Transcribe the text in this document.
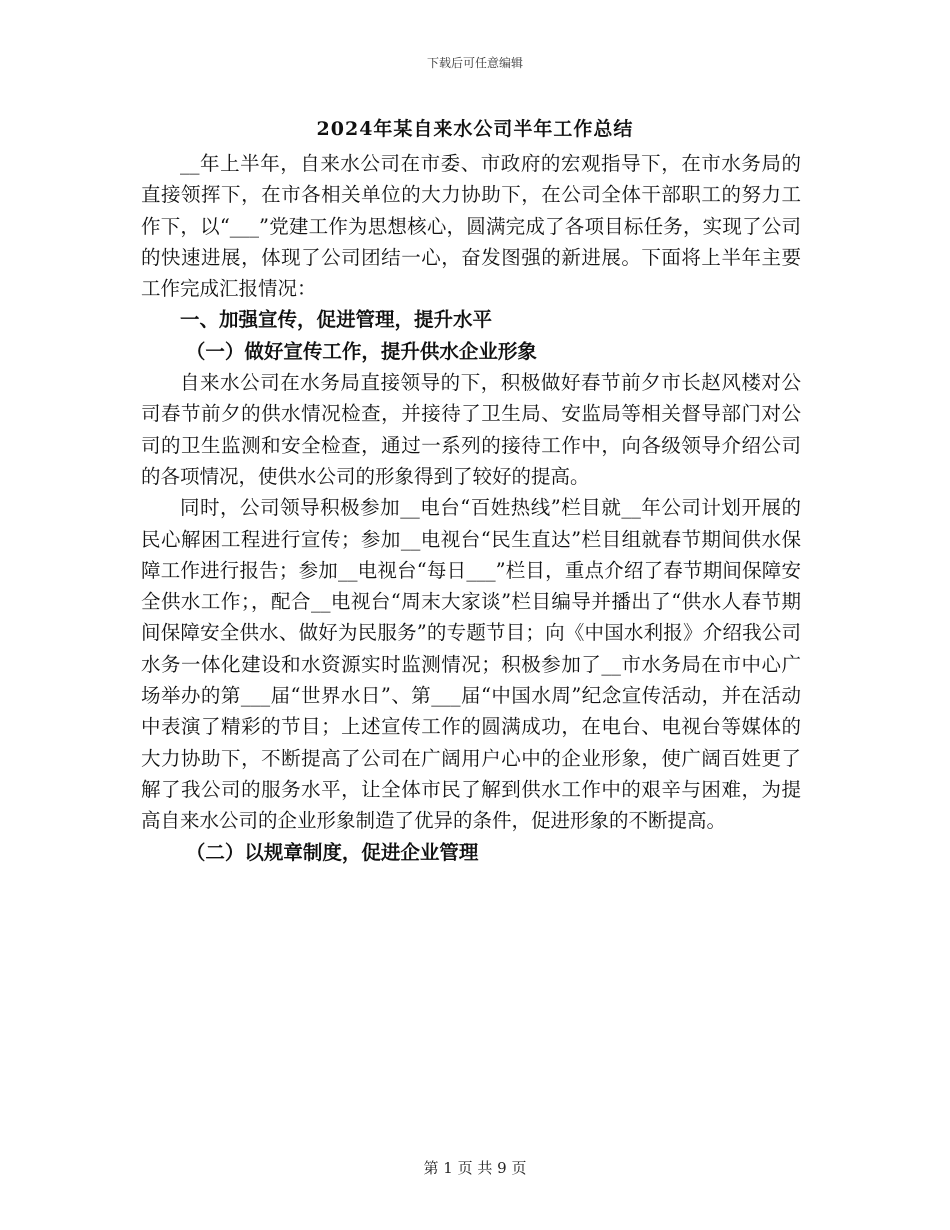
下载后可任意编辑
2024年某自来水公司半年工作总结

__年上半年，自来水公司在市委、市政府的宏观指导下，在市水务局的直接领挥下，在市各相关单位的大力协助下，在公司全体干部职工的努力工作下，以“___”党建工作为思想核心，圆满完成了各项目标任务，实现了公司的快速进展，体现了公司团结一心，奋发图强的新进展。下面将上半年主要工作完成汇报情况：

一、加强宣传，促进管理，提升水平
（一）做好宣传工作，提升供水企业形象

自来水公司在水务局直接领导的下，积极做好春节前夕市长赵风楼对公司春节前夕的供水情况检查，并接待了卫生局、安监局等相关督导部门对公司的卫生监测和安全检查，通过一系列的接待工作中，向各级领导介绍公司的各项情况，使供水公司的形象得到了较好的提高。

同时，公司领导积极参加__电台“百姓热线”栏目就__年公司计划开展的民心解困工程进行宣传；参加__电视台“民生直达”栏目组就春节期间供水保障工作进行报告；参加__电视台“每日___”栏目，重点介绍了春节期间保障安全供水工作；，配合__电视台“周末大家谈”栏目编导并播出了“供水人春节期间保障安全供水、做好为民服务”的专题节目；向《中国水利报》介绍我公司水务一体化建设和水资源实时监测情况；积极参加了__市水务局在市中心广场举办的第___届“世界水日”、第___届“中国水周”纪念宣传活动，并在活动中表演了精彩的节目；上述宣传工作的圆满成功，在电台、电视台等媒体的大力协助下，不断提高了公司在广阔用户心中的企业形象，使广阔百姓更了解了我公司的服务水平，让全体市民了解到供水工作中的艰辛与困难，为提高自来水公司的企业形象制造了优异的条件，促进形象的不断提高。

（二）以规章制度，促进企业管理
第 1 页 共 9 页
